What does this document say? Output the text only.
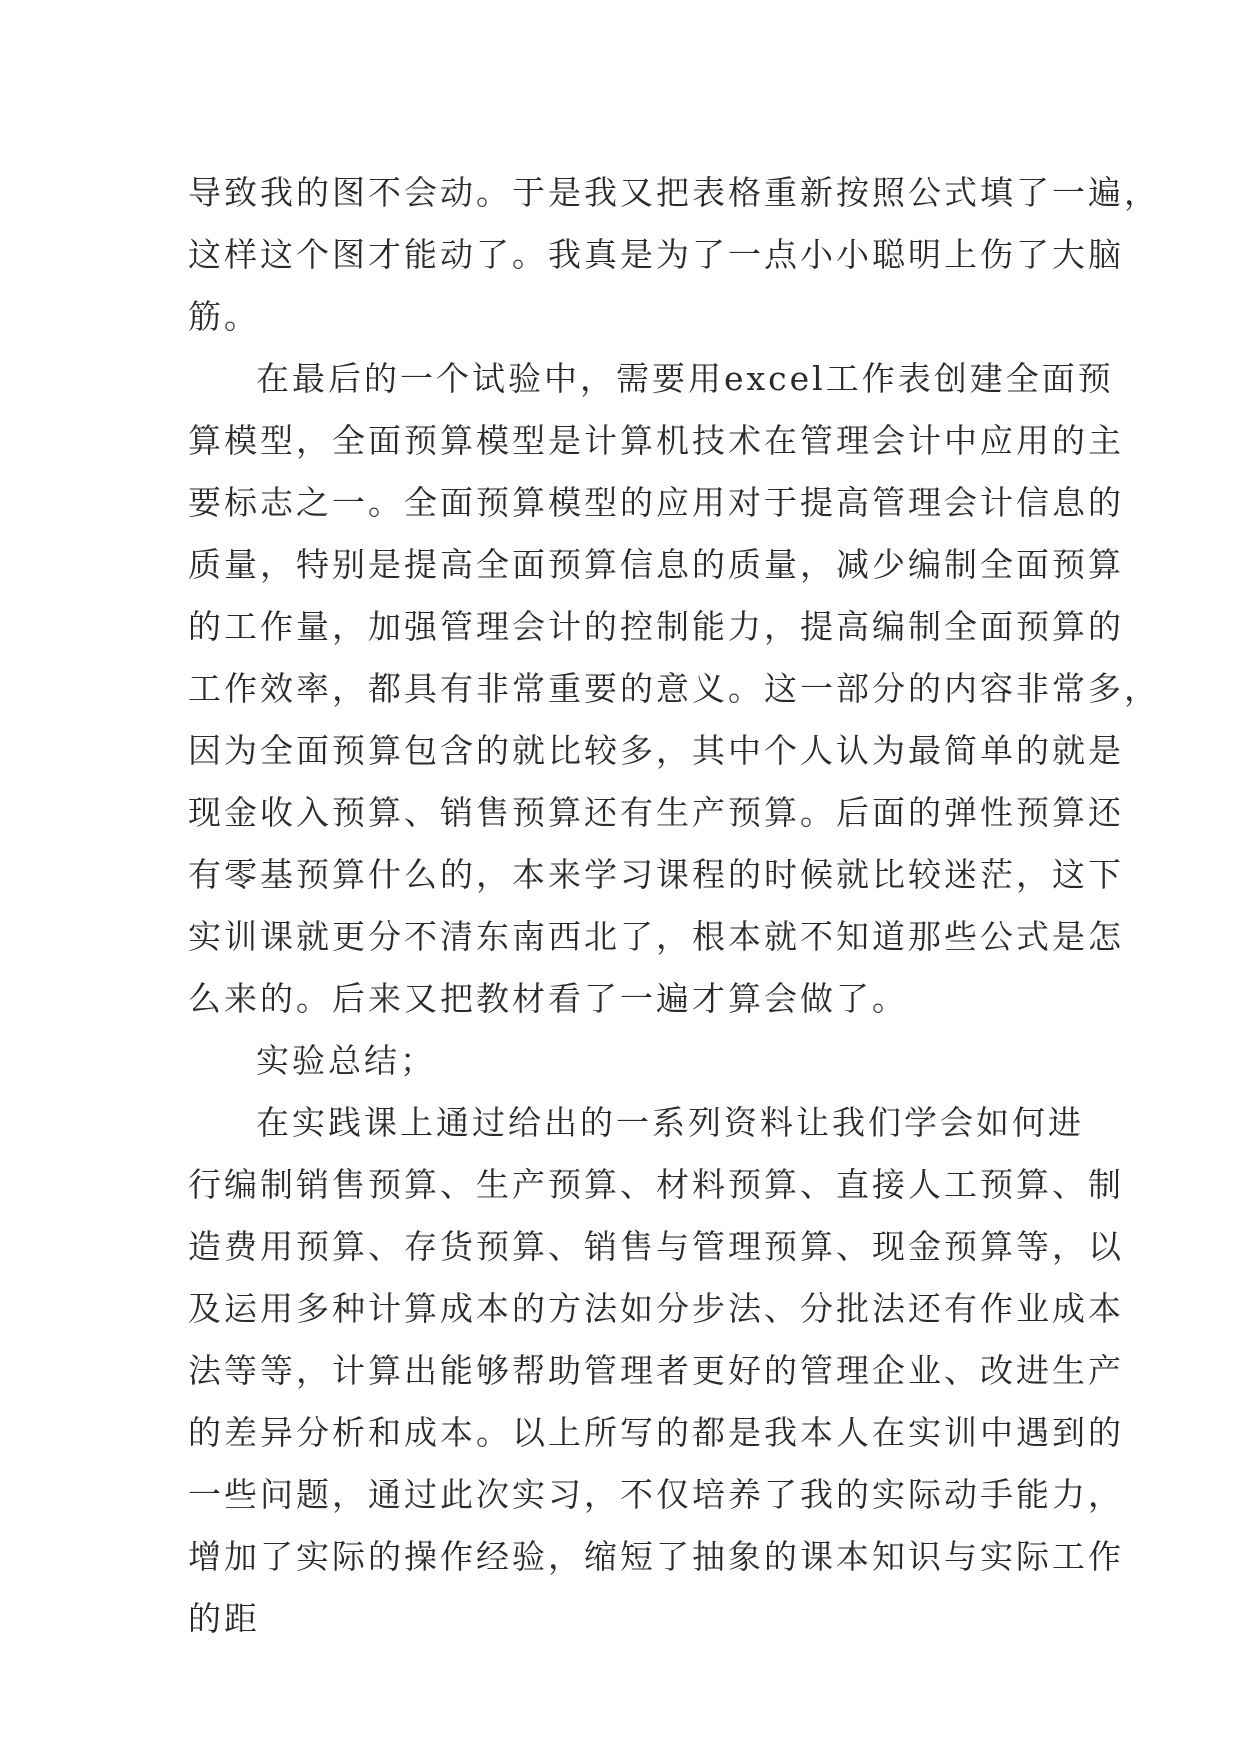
导致我的图不会动。于是我又把表格重新按照公式填了一遍，
这样这个图才能动了。我真是为了一点小小聪明上伤了大脑
筋。
在最后的一个试验中，需要用excel工作表创建全面预
算模型，全面预算模型是计算机技术在管理会计中应用的主
要标志之一。全面预算模型的应用对于提高管理会计信息的
质量，特别是提高全面预算信息的质量，减少编制全面预算
的工作量，加强管理会计的控制能力，提高编制全面预算的
工作效率，都具有非常重要的意义。这一部分的内容非常多，
因为全面预算包含的就比较多，其中个人认为最简单的就是
现金收入预算、销售预算还有生产预算。后面的弹性预算还
有零基预算什么的，本来学习课程的时候就比较迷茫，这下
实训课就更分不清东南西北了，根本就不知道那些公式是怎
么来的。后来又把教材看了一遍才算会做了。
实验总结；
在实践课上通过给出的一系列资料让我们学会如何进
行编制销售预算、生产预算、材料预算、直接人工预算、制
造费用预算、存货预算、销售与管理预算、现金预算等，以
及运用多种计算成本的方法如分步法、分批法还有作业成本
法等等，计算出能够帮助管理者更好的管理企业、改进生产
的差异分析和成本。以上所写的都是我本人在实训中遇到的
一些问题，通过此次实习，不仅培养了我的实际动手能力，
增加了实际的操作经验，缩短了抽象的课本知识与实际工作
的距
